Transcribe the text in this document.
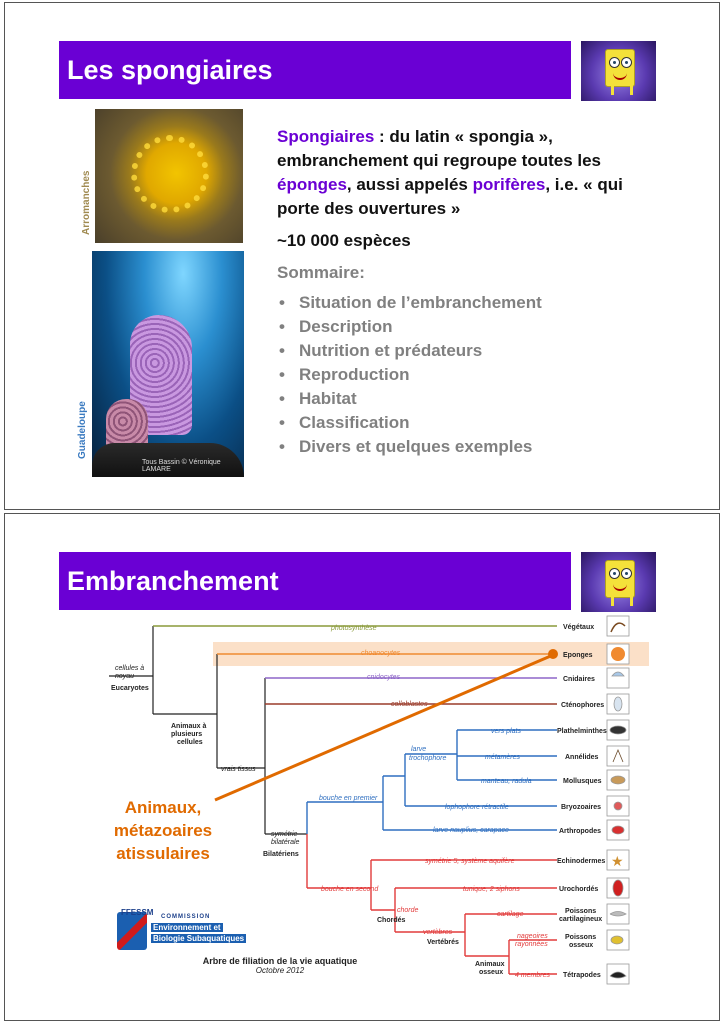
Les spongiaires
Arromanches
Guadeloupe
Tous Bassin © Véronique LAMARE
Spongiaires : du latin « spongia », embranchement qui regroupe toutes les éponges, aussi appelés porifères, i.e. « qui porte des ouvertures »
~10 000 espèces
Sommaire:
• Situation de l’embranchement
• Description
• Nutrition et prédateurs
• Reproduction
• Habitat
• Classification
• Divers et quelques exemples
Embranchement
cellules à
noyau
Eucaryotes
Animaux à
plusieurs
cellules
vrais tissus
symétrie
bilatérale
Bilatériens
Chordés
Vertébrés
Animaux
osseux
photosynthèse
choanocytes
cnidocytes
colloblastes
vers plats
métamères
manteau, radula
larve
trochophore
lophophore rétractile
bouche en premier
larve nauplius, carapace
symétrie 5, système aquifère
bouche en second	tunique, 2 siphons
chorde
cartilage
vertèbres
nageoires
rayonnées
4 membres
Végétaux
Eponges
Cnidaires
Cténophores
Plathelminthes
Annélides
Mollusques
Bryozoaires
Arthropodes
Echinodermes
Urochordés
Poissons
cartilagineux
Poissons
osseux
Tétrapodes
★
Animaux,
métazoaires
atissulaires
FFESSM COMMISSION
Environnement et
Biologie Subaquatiques
Arbre de filiation de la vie aquatique
Octobre 2012
